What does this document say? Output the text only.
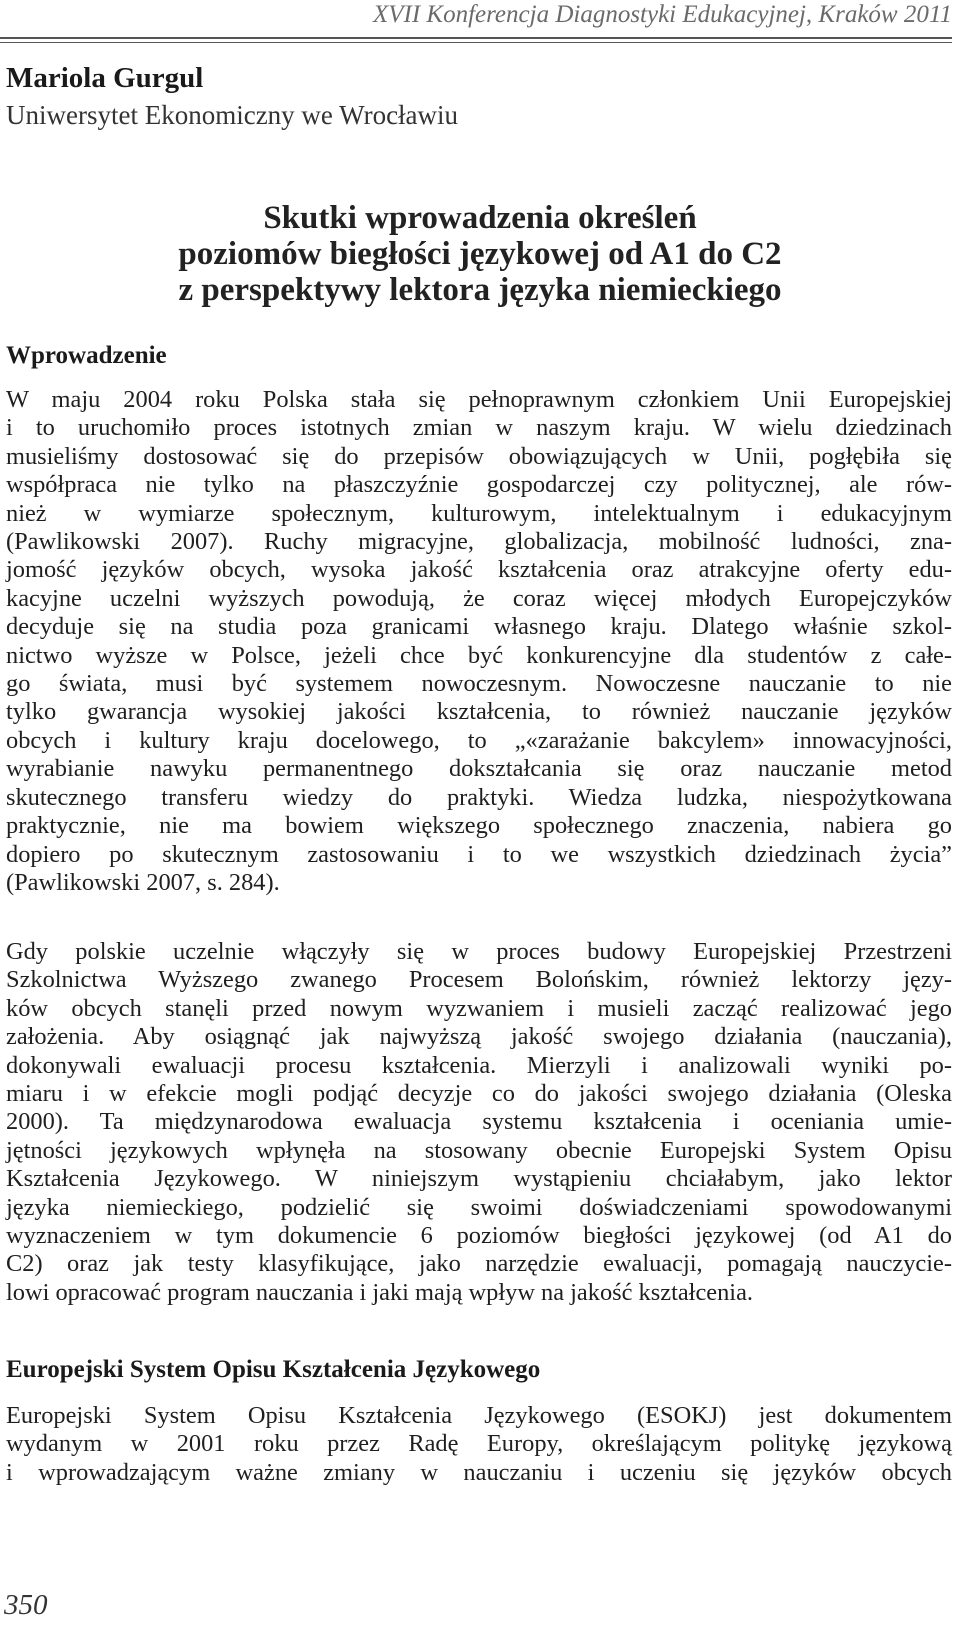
XVII Konferencja Diagnostyki Edukacyjnej, Kraków 2011
Mariola Gurgul
Uniwersytet Ekonomiczny we Wrocławiu
Skutki wprowadzenia określeń
poziomów biegłości językowej od A1 do C2
z perspektywy lektora języka niemieckiego
Wprowadzenie
W maju 2004 roku Polska stała się pełnoprawnym członkiem Unii Europejskiej
i to uruchomiło proces istotnych zmian w naszym kraju. W wielu dziedzinach
musieliśmy dostosować się do przepisów obowiązujących w Unii, pogłębiła się
współpraca nie tylko na płaszczyźnie gospodarczej czy politycznej, ale rów-
nież w wymiarze społecznym, kulturowym, intelektualnym i edukacyjnym
(Pawlikowski 2007). Ruchy migracyjne, globalizacja, mobilność ludności, zna-
jomość języków obcych, wysoka jakość kształcenia oraz atrakcyjne oferty edu-
kacyjne uczelni wyższych powodują, że coraz więcej młodych Europejczyków
decyduje się na studia poza granicami własnego kraju. Dlatego właśnie szkol-
nictwo wyższe w Polsce, jeżeli chce być konkurencyjne dla studentów z całe-
go świata, musi być systemem nowoczesnym. Nowoczesne nauczanie to nie
tylko gwarancja wysokiej jakości kształcenia, to również nauczanie języków
obcych i kultury kraju docelowego, to „«zarażanie bakcylem» innowacyjności,
wyrabianie nawyku permanentnego dokształcania się oraz nauczanie metod
skutecznego transferu wiedzy do praktyki. Wiedza ludzka, niespożytkowana
praktycznie, nie ma bowiem większego społecznego znaczenia, nabiera go
dopiero po skutecznym zastosowaniu i to we wszystkich dziedzinach życia”
(Pawlikowski 2007, s. 284).
Gdy polskie uczelnie włączyły się w proces budowy Europejskiej Przestrzeni
Szkolnictwa Wyższego zwanego Procesem Bolońskim, również lektorzy języ-
ków obcych stanęli przed nowym wyzwaniem i musieli zacząć realizować jego
założenia. Aby osiągnąć jak najwyższą jakość swojego działania (nauczania),
dokonywali ewaluacji procesu kształcenia. Mierzyli i analizowali wyniki po-
miaru i w efekcie mogli podjąć decyzje co do jakości swojego działania (Oleska
2000). Ta międzynarodowa ewaluacja systemu kształcenia i oceniania umie-
jętności językowych wpłynęła na stosowany obecnie Europejski System Opisu
Kształcenia Językowego. W niniejszym wystąpieniu chciałabym, jako lektor
języka niemieckiego, podzielić się swoimi doświadczeniami spowodowanymi
wyznaczeniem w tym dokumencie 6 poziomów biegłości językowej (od A1 do
C2) oraz jak testy klasyfikujące, jako narzędzie ewaluacji, pomagają nauczycie-
lowi opracować program nauczania i jaki mają wpływ na jakość kształcenia.
Europejski System Opisu Kształcenia Językowego
Europejski System Opisu Kształcenia Językowego (ESOKJ) jest dokumentem
wydanym w 2001 roku przez Radę Europy, określającym politykę językową
i wprowadzającym ważne zmiany w nauczaniu i uczeniu się języków obcych
350
